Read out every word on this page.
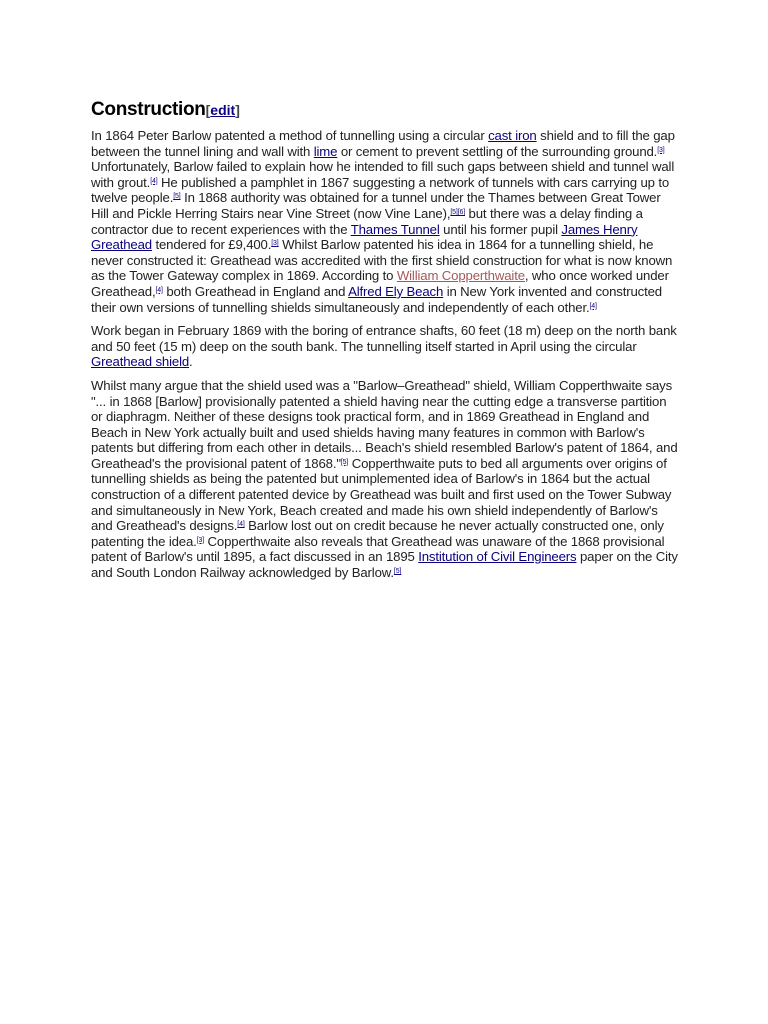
Construction[edit]

In 1864 Peter Barlow patented a method of tunnelling using a circular cast iron shield and to fill the gap between the tunnel lining and wall with lime or cement to prevent settling of the surrounding ground.[3] Unfortunately, Barlow failed to explain how he intended to fill such gaps between shield and tunnel wall with grout.[4] He published a pamphlet in 1867 suggesting a network of tunnels with cars carrying up to twelve people.[5] In 1868 authority was obtained for a tunnel under the Thames between Great Tower Hill and Pickle Herring Stairs near Vine Street (now Vine Lane),[5][6] but there was a delay finding a contractor due to recent experiences with the Thames Tunnel until his former pupil James Henry Greathead tendered for £9,400.[3] Whilst Barlow patented his idea in 1864 for a tunnelling shield, he never constructed it: Greathead was accredited with the first shield construction for what is now known as the Tower Gateway complex in 1869. According to William Copperthwaite, who once worked under Greathead,[4] both Greathead in England and Alfred Ely Beach in New York invented and constructed their own versions of tunnelling shields simultaneously and independently of each other.[4]

Work began in February 1869 with the boring of entrance shafts, 60 feet (18 m) deep on the north bank and 50 feet (15 m) deep on the south bank. The tunnelling itself started in April using the circular Greathead shield.

Whilst many argue that the shield used was a "Barlow–Greathead" shield, William Copperthwaite says "... in 1868 [Barlow] provisionally patented a shield having near the cutting edge a transverse partition or diaphragm. Neither of these designs took practical form, and in 1869 Greathead in England and Beach in New York actually built and used shields having many features in common with Barlow's patents but differing from each other in details... Beach's shield resembled Barlow's patent of 1864, and Greathead's the provisional patent of 1868."[5] Copperthwaite puts to bed all arguments over origins of tunnelling shields as being the patented but unimplemented idea of Barlow's in 1864 but the actual construction of a different patented device by Greathead was built and first used on the Tower Subway and simultaneously in New York, Beach created and made his own shield independently of Barlow's and Greathead's designs.[4] Barlow lost out on credit because he never actually constructed one, only patenting the idea.[3] Copperthwaite also reveals that Greathead was unaware of the 1868 provisional patent of Barlow's until 1895, a fact discussed in an 1895 Institution of Civil Engineers paper on the City and South London Railway acknowledged by Barlow.[5]
